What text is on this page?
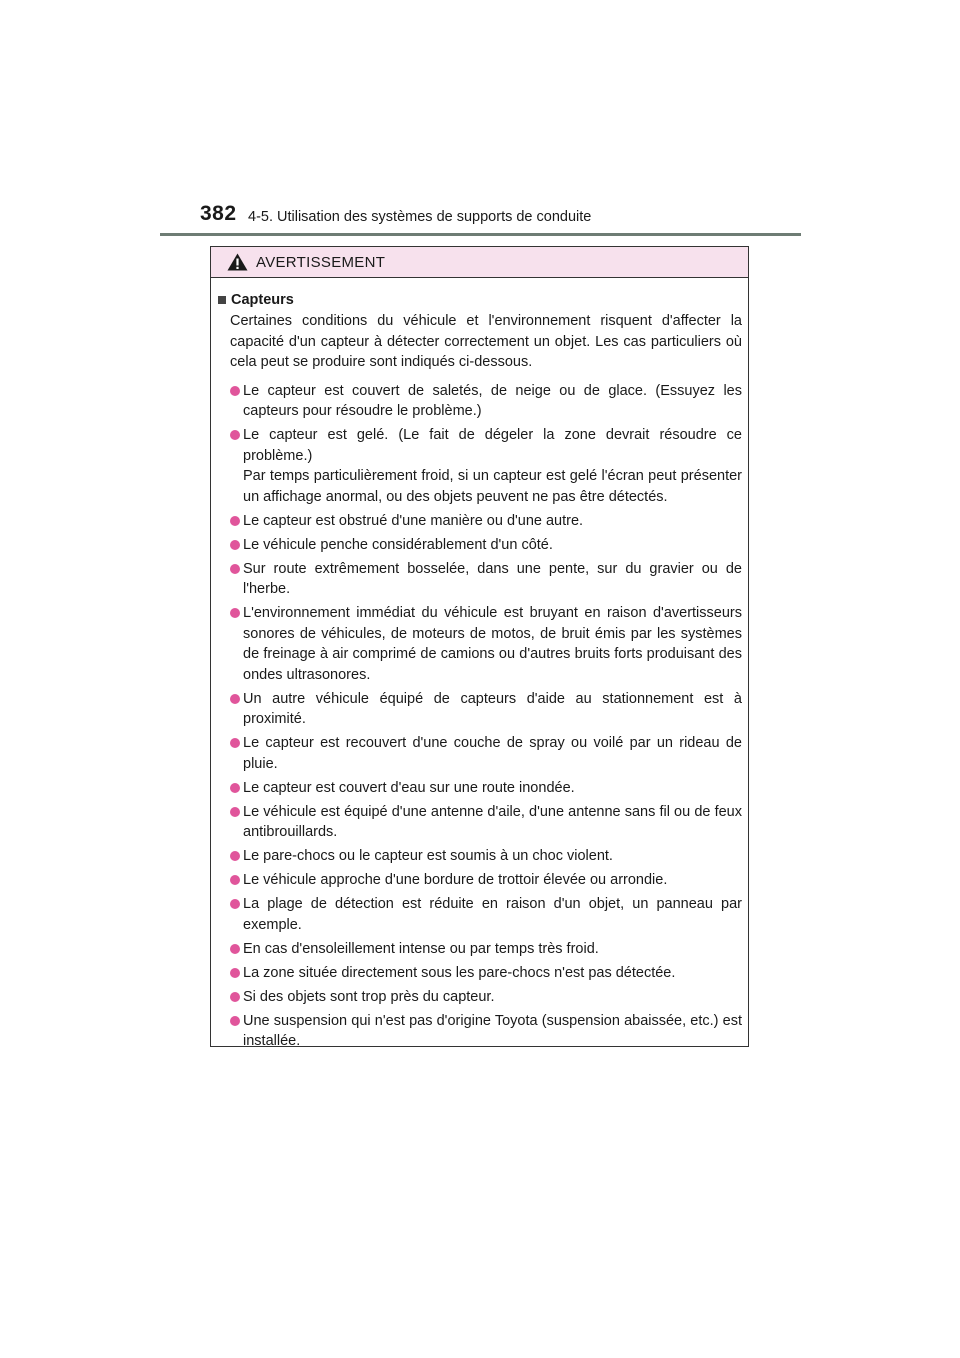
382 4-5. Utilisation des systèmes de supports de conduite
AVERTISSEMENT
Capteurs
Certaines conditions du véhicule et l'environnement risquent d'affecter la capacité d'un capteur à détecter correctement un objet. Les cas particuliers où cela peut se produire sont indiqués ci-dessous.
Le capteur est couvert de saletés, de neige ou de glace. (Essuyez les capteurs pour résoudre le problème.)
Le capteur est gelé. (Le fait de dégeler la zone devrait résoudre ce problème.)
Par temps particulièrement froid, si un capteur est gelé l'écran peut présenter un affichage anormal, ou des objets peuvent ne pas être détectés.
Le capteur est obstrué d'une manière ou d'une autre.
Le véhicule penche considérablement d'un côté.
Sur route extrêmement bosselée, dans une pente, sur du gravier ou de l'herbe.
L'environnement immédiat du véhicule est bruyant en raison d'avertisseurs sonores de véhicules, de moteurs de motos, de bruit émis par les systèmes de freinage à air comprimé de camions ou d'autres bruits forts produisant des ondes ultrasonores.
Un autre véhicule équipé de capteurs d'aide au stationnement est à proximité.
Le capteur est recouvert d'une couche de spray ou voilé par un rideau de pluie.
Le capteur est couvert d'eau sur une route inondée.
Le véhicule est équipé d'une antenne d'aile, d'une antenne sans fil ou de feux antibrouillards.
Le pare-chocs ou le capteur est soumis à un choc violent.
Le véhicule approche d'une bordure de trottoir élevée ou arrondie.
La plage de détection est réduite en raison d'un objet, un panneau par exemple.
En cas d'ensoleillement intense ou par temps très froid.
La zone située directement sous les pare-chocs n'est pas détectée.
Si des objets sont trop près du capteur.
Une suspension qui n'est pas d'origine Toyota (suspension abaissée, etc.) est installée.
